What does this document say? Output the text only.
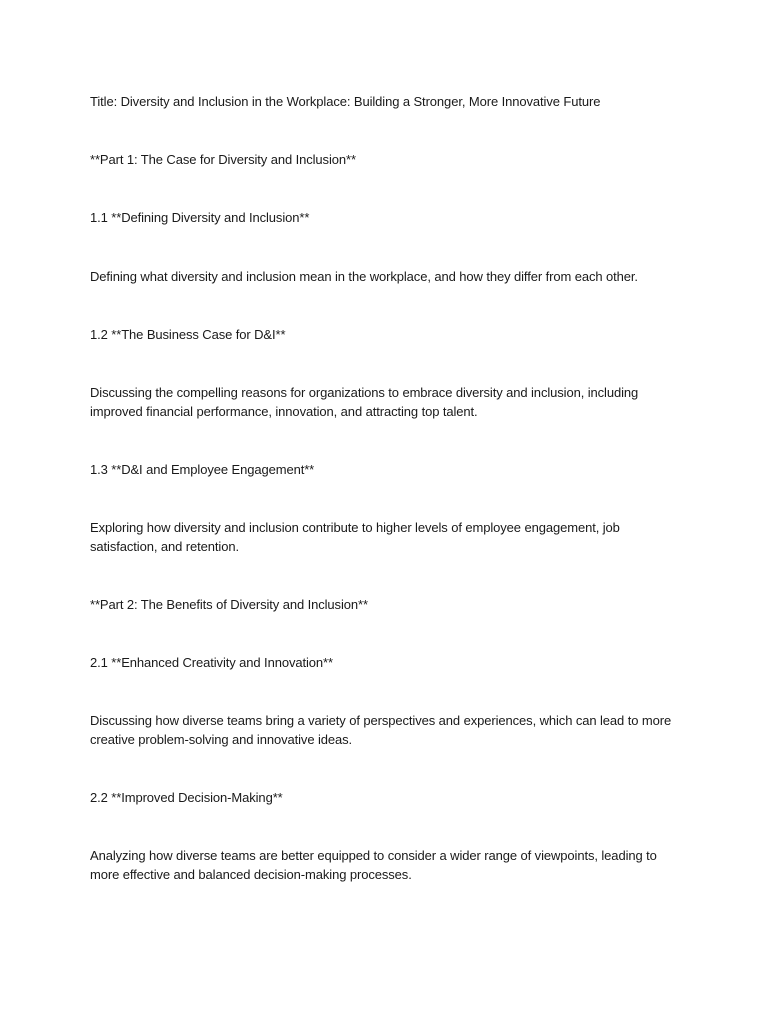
Title: Diversity and Inclusion in the Workplace: Building a Stronger, More Innovative Future

**Part 1: The Case for Diversity and Inclusion**

1.1 **Defining Diversity and Inclusion**

Defining what diversity and inclusion mean in the workplace, and how they differ from each other.

1.2 **The Business Case for D&I**

Discussing the compelling reasons for organizations to embrace diversity and inclusion, including improved financial performance, innovation, and attracting top talent.

1.3 **D&I and Employee Engagement**

Exploring how diversity and inclusion contribute to higher levels of employee engagement, job satisfaction, and retention.

**Part 2: The Benefits of Diversity and Inclusion**

2.1 **Enhanced Creativity and Innovation**

Discussing how diverse teams bring a variety of perspectives and experiences, which can lead to more creative problem-solving and innovative ideas.

2.2 **Improved Decision-Making**

Analyzing how diverse teams are better equipped to consider a wider range of viewpoints, leading to more effective and balanced decision-making processes.
